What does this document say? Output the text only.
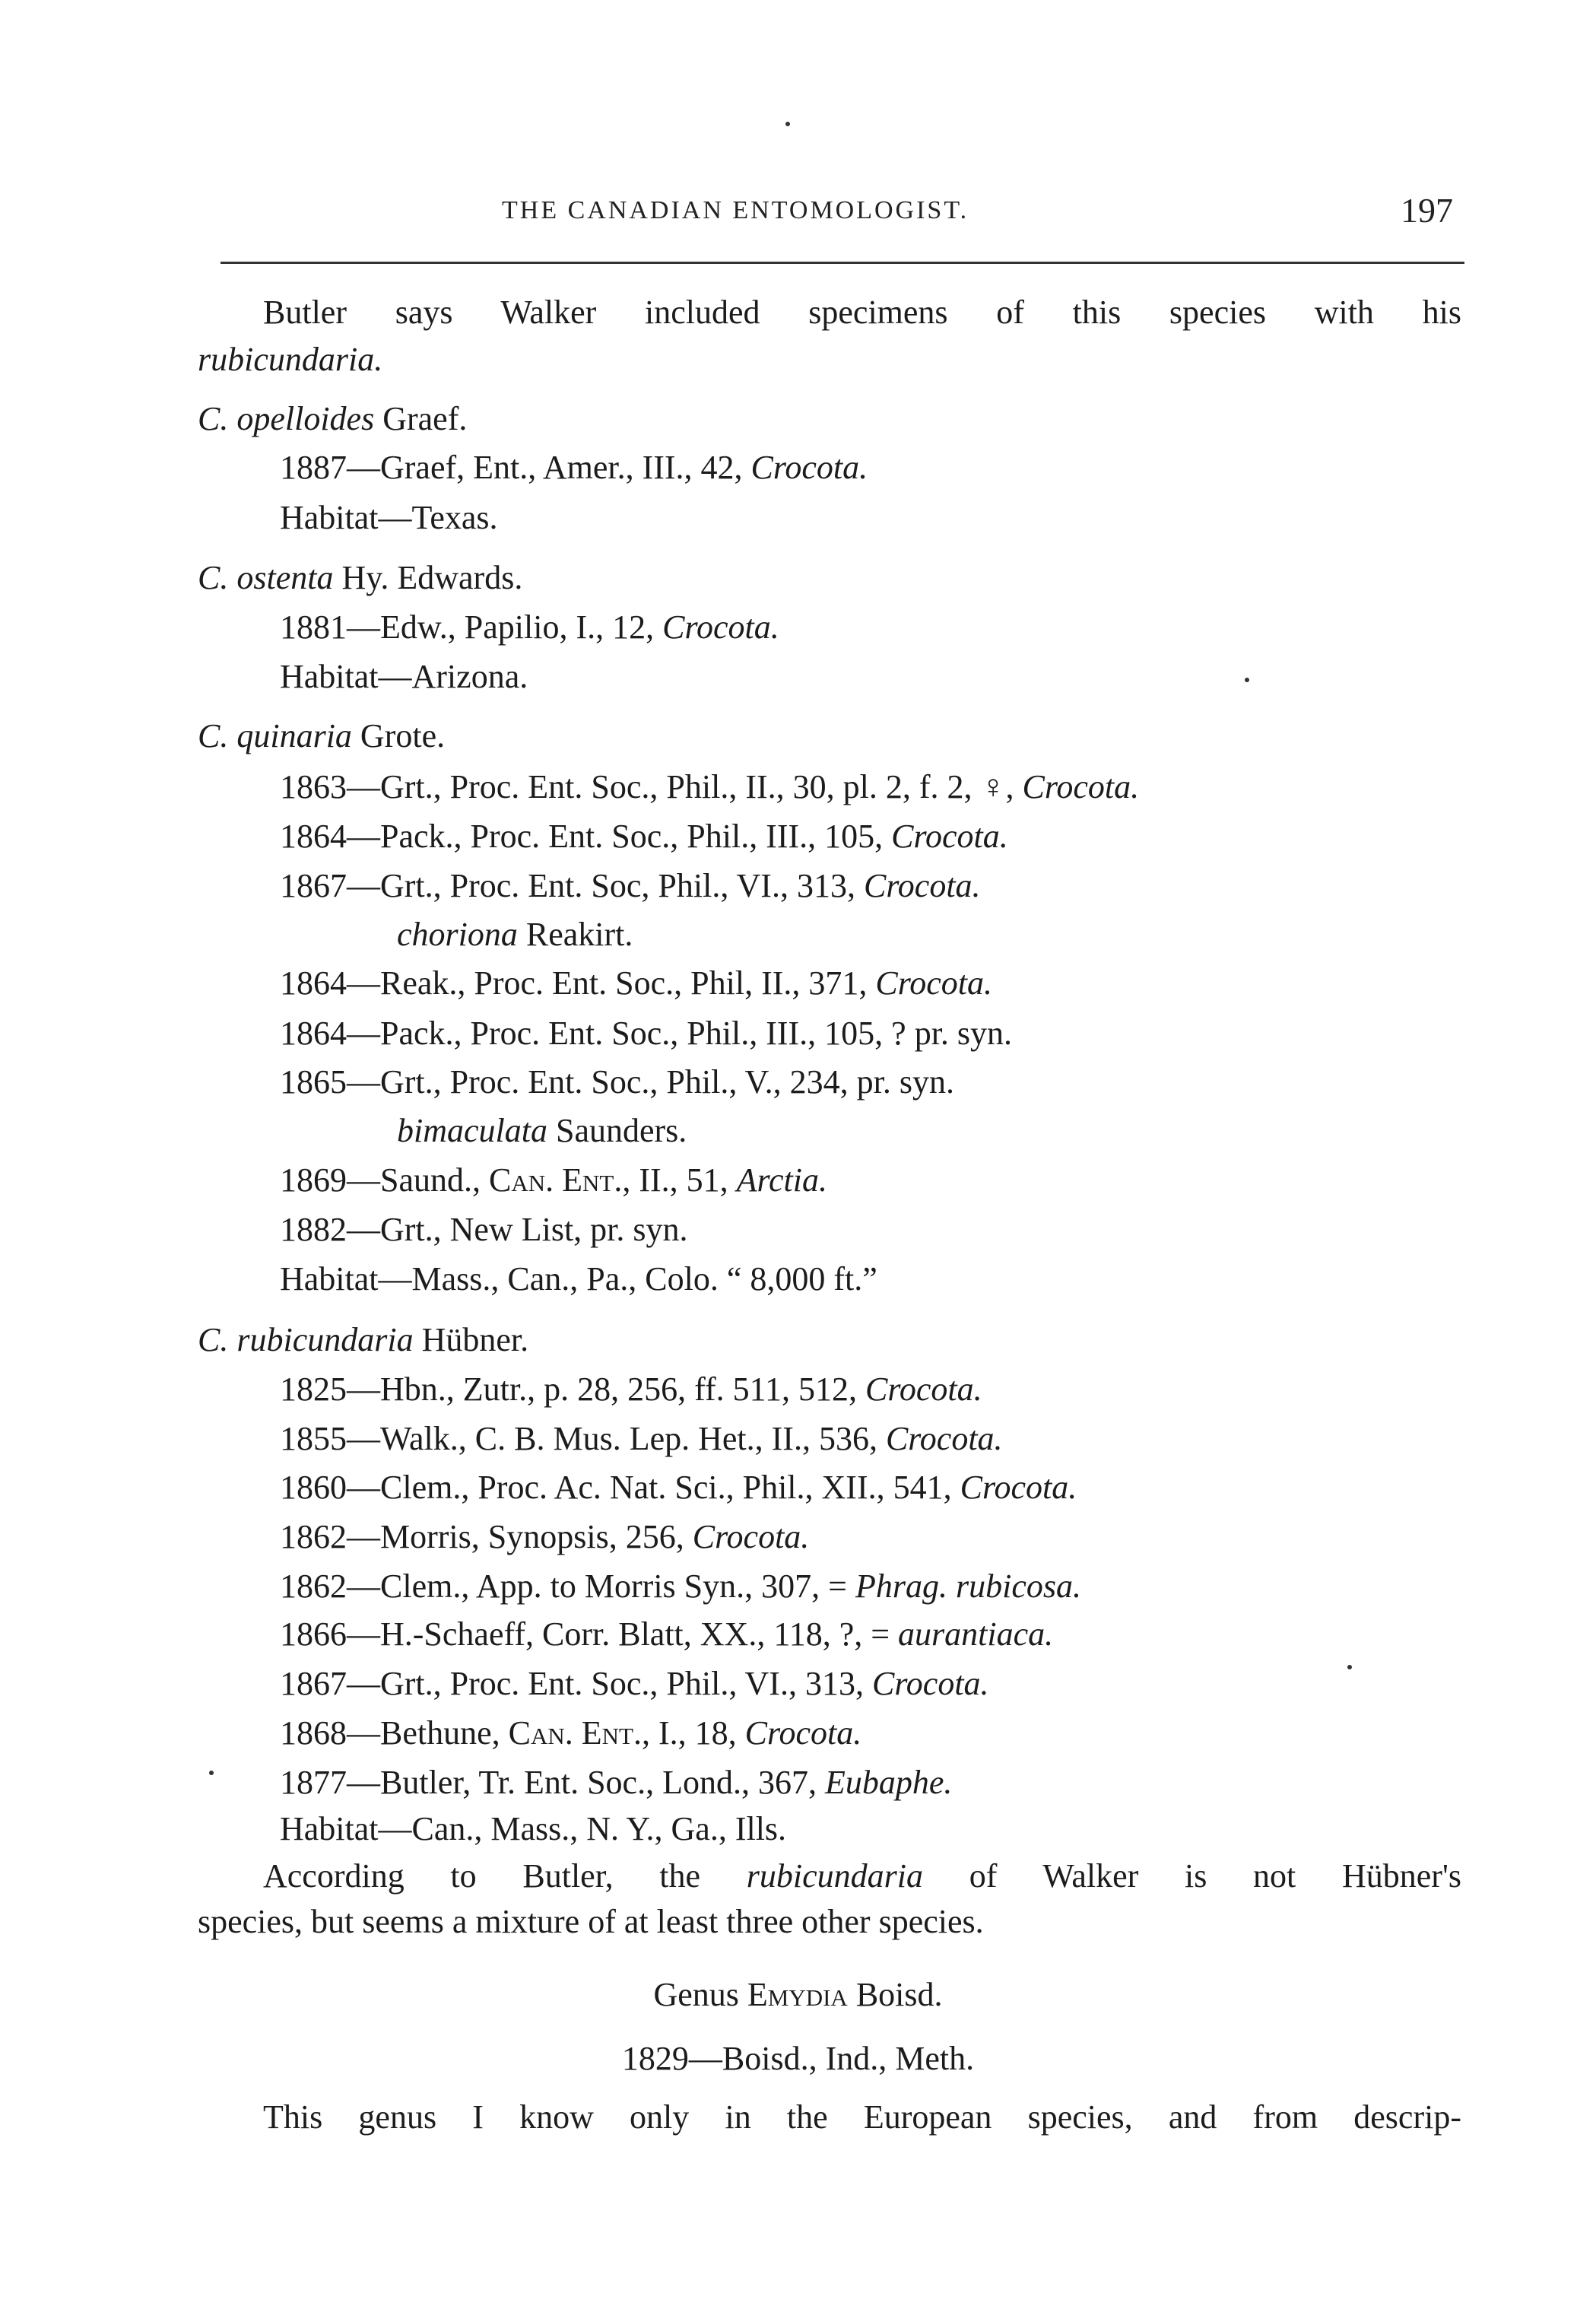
THE CANADIAN ENTOMOLOGIST.	197
Butler says Walker included specimens of this species with his
rubicundaria.
C. opelloides Graef.
1887—Graef, Ent., Amer., III., 42, Crocota.
Habitat—Texas.
C. ostenta Hy. Edwards.
1881—Edw., Papilio, I., 12, Crocota.
Habitat—Arizona.
C. quinaria Grote.
1863—Grt., Proc. Ent. Soc., Phil., II., 30, pl. 2, f. 2, ♀, Crocota.
1864—Pack., Proc. Ent. Soc., Phil., III., 105, Crocota.
1867—Grt., Proc. Ent. Soc, Phil., VI., 313, Crocota.
choriona Reakirt.
1864—Reak., Proc. Ent. Soc., Phil, II., 371, Crocota.
1864—Pack., Proc. Ent. Soc., Phil., III., 105, ? pr. syn.
1865—Grt., Proc. Ent. Soc., Phil., V., 234, pr. syn.
bimaculata Saunders.
1869—Saund., Can. Ent., II., 51, Arctia.
1882—Grt., New List, pr. syn.
Habitat—Mass., Can., Pa., Colo. “ 8,000 ft.”
C. rubicundaria Hübner.
1825—Hbn., Zutr., p. 28, 256, ff. 511, 512, Crocota.
1855—Walk., C. B. Mus. Lep. Het., II., 536, Crocota.
1860—Clem., Proc. Ac. Nat. Sci., Phil., XII., 541, Crocota.
1862—Morris, Synopsis, 256, Crocota.
1862—Clem., App. to Morris Syn., 307, = Phrag. rubicosa.
1866—H.-Schaeff, Corr. Blatt, XX., 118, ?, = aurantiaca.
1867—Grt., Proc. Ent. Soc., Phil., VI., 313, Crocota.
1868—Bethune, Can. Ent., I., 18, Crocota.
1877—Butler, Tr. Ent. Soc., Lond., 367, Eubaphe.
Habitat—Can., Mass., N. Y., Ga., Ills.
According to Butler, the rubicundaria of Walker is not Hübner's
species, but seems a mixture of at least three other species.
Genus Emydia Boisd.
1829—Boisd., Ind., Meth.
This genus I know only in the European species, and from descrip-
